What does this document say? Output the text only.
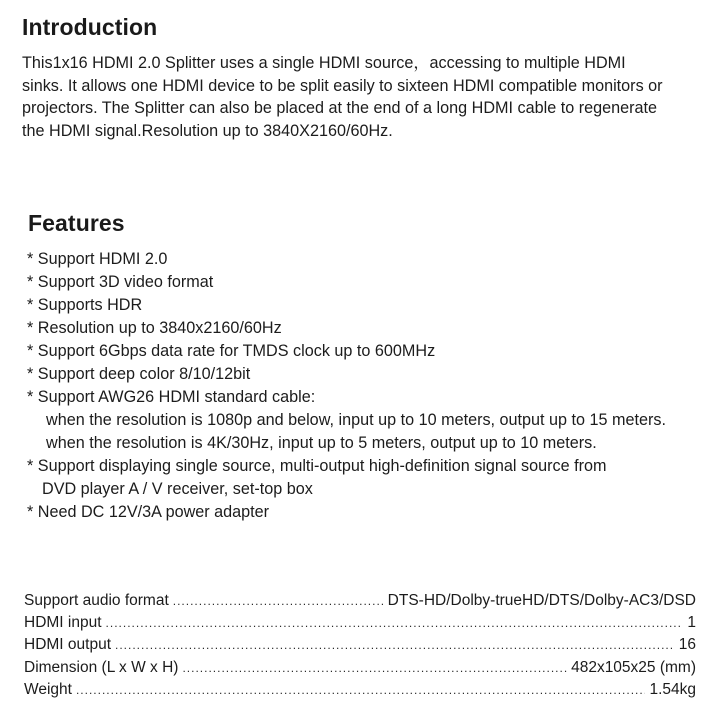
Introduction
This1x16 HDMI 2.0 Splitter uses a single HDMI source，accessing to multiple HDMI
sinks. It allows one HDMI device to be split easily to sixteen HDMI compatible monitors or
projectors. The Splitter can also be placed at the end of a long HDMI cable to regenerate
the HDMI signal.Resolution up to 3840X2160/60Hz.
Features
* Support HDMI 2.0
* Support 3D video format
* Supports HDR
* Resolution up to 3840x2160/60Hz
* Support 6Gbps data rate for TMDS clock up to 600MHz
* Support deep color 8/10/12bit
* Support AWG26 HDMI standard cable:
when the resolution is 1080p and below, input up to 10 meters, output up to 15 meters.
when the resolution is 4K/30Hz, input up to 5 meters, output up to 10 meters.
* Support displaying single source, multi-output high-definition signal source from
DVD player A / V receiver, set-top box
* Need DC 12V/3A power adapter
Support audio format .....	DTS-HD/Dolby-trueHD/DTS/Dolby-AC3/DSD
HDMI input .....	1
HDMI output .....	16
Dimension (L x W x H) .....	482x105x25 (mm)
Weight .....	1.54kg
